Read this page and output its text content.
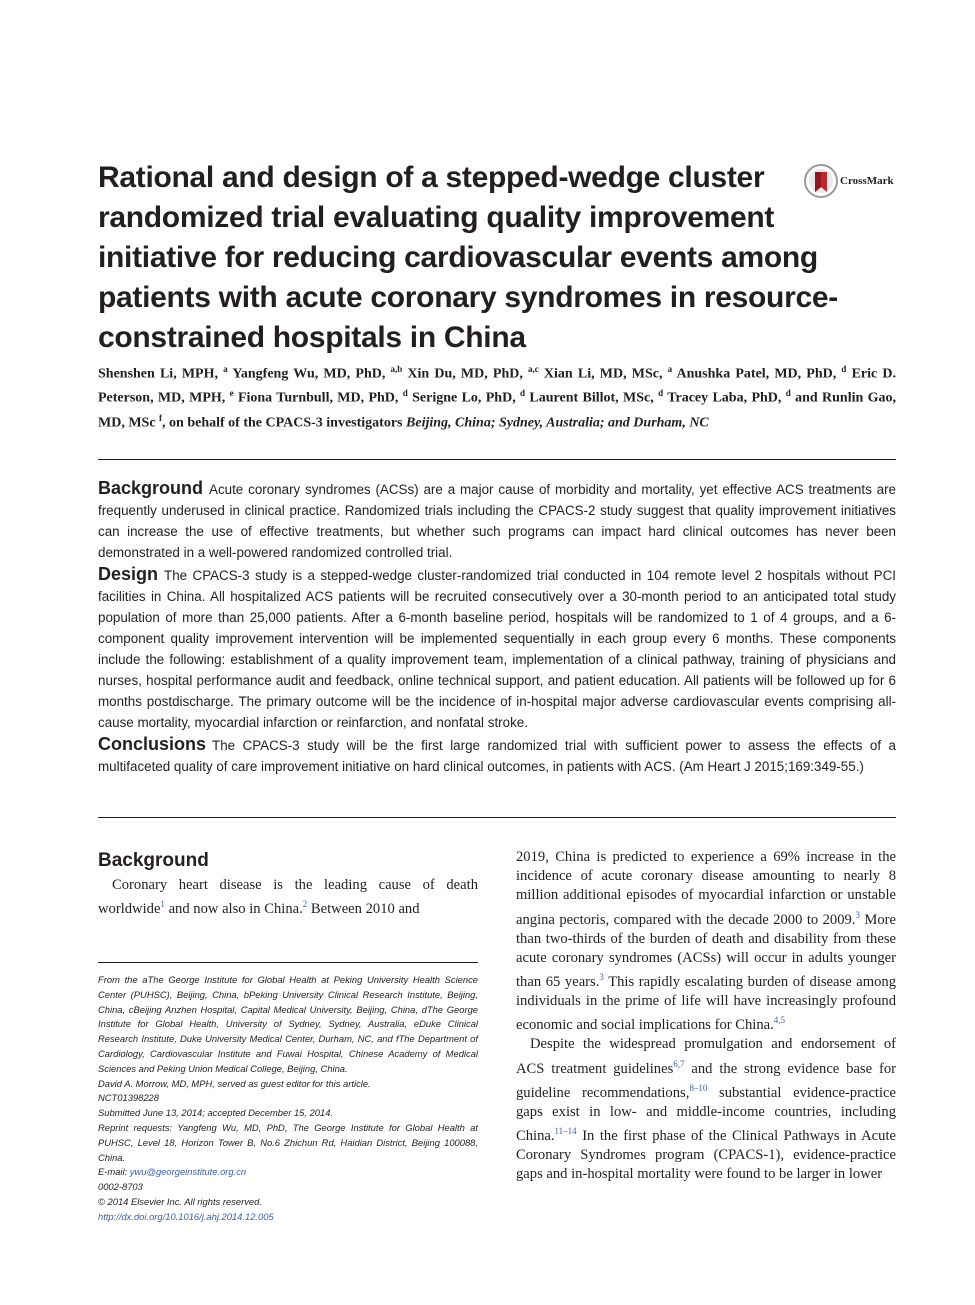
Rational and design of a stepped-wedge cluster randomized trial evaluating quality improvement initiative for reducing cardiovascular events among patients with acute coronary syndromes in resource-constrained hospitals in China
CrossMark
Shenshen Li, MPH, $^a$ Yangfeng Wu, MD, PhD, $^{a,b}$ Xin Du, MD, PhD, $^{a,c}$ Xian Li, MD, MSc, $^a$ Anushka Patel, MD, PhD, $^d$ Eric D. Peterson, MD, MPH, $^e$ Fiona Turnbull, MD, PhD, $^d$ Serigne Lo, PhD, $^d$ Laurent Billot, MSc, $^d$ Tracey Laba, PhD, $^d$ and Runlin Gao, MD, MSc $^f$, on behalf of the CPACS-3 investigators Beijing, China; Sydney, Australia; and Durham, NC

Background Acute coronary syndromes (ACSs) are a major cause of morbidity and mortality, yet effective ACS treatments are frequently underused in clinical practice. Randomized trials including the CPACS-2 study suggest that quality improvement initiatives can increase the use of effective treatments, but whether such programs can impact hard clinical outcomes has never been demonstrated in a well-powered randomized controlled trial.

Design The CPACS-3 study is a stepped-wedge cluster-randomized trial conducted in 104 remote level 2 hospitals without PCI facilities in China. All hospitalized ACS patients will be recruited consecutively over a 30-month period to an anticipated total study population of more than 25,000 patients. After a 6-month baseline period, hospitals will be randomized to 1 of 4 groups, and a 6-component quality improvement intervention will be implemented sequentially in each group every 6 months. These components include the following: establishment of a quality improvement team, implementation of a clinical pathway, training of physicians and nurses, hospital performance audit and feedback, online technical support, and patient education. All patients will be followed up for 6 months postdischarge. The primary outcome will be the incidence of in-hospital major adverse cardiovascular events comprising all-cause mortality, myocardial infarction or reinfarction, and nonfatal stroke.

Conclusions The CPACS-3 study will be the first large randomized trial with sufficient power to assess the effects of a multifaceted quality of care improvement initiative on hard clinical outcomes, in patients with ACS. (Am Heart J 2015;169:349-55.)

Background

Coronary heart disease is the leading cause of death worldwide$^1$ and now also in China.$^2$ Between 2010 and

From the aThe George Institute for Global Health at Peking University Health Science Center (PUHSC), Beijing, China, bPeking University Clinical Research Institute, Beijing, China, cBeijing Anzhen Hospital, Capital Medical University, Beijing, China, dThe George Institute for Global Health, University of Sydney, Sydney, Australia, eDuke Clinical Research Institute, Duke University Medical Center, Durham, NC, and fThe Department of Cardiology, Cardiovascular Institute and Fuwai Hospital, Chinese Academy of Medical Sciences and Peking Union Medical College, Beijing, China.

David A. Morrow, MD, MPH, served as guest editor for this article.

NCT01398228

Submitted June 13, 2014; accepted December 15, 2014.

Reprint requests: Yangfeng Wu, MD, PhD, The George Institute for Global Health at PUHSC, Level 18, Horizon Tower B, No.6 Zhichun Rd, Haidian District, Beijing 100088, China.

E-mail: ywu@georgeinstitute.org.cn

0002-8703

© 2014 Elsevier Inc. All rights reserved.

http://dx.doi.org/10.1016/j.ahj.2014.12.005

2019, China is predicted to experience a 69% increase in the incidence of acute coronary disease amounting to nearly 8 million additional episodes of myocardial infarction or unstable angina pectoris, compared with the decade 2000 to 2009.$^3$ More than two-thirds of the burden of death and disability from these acute coronary syndromes (ACSs) will occur in adults younger than 65 years.$^3$ This rapidly escalating burden of disease among individuals in the prime of life will have increasingly profound economic and social implications for China.$^{4,5}$

Despite the widespread promulgation and endorsement of ACS treatment guidelines$^{6,7}$ and the strong evidence base for guideline recommendations,$^{8-10}$ substantial evidence-practice gaps exist in low- and middle-income countries, including China.$^{11-14}$ In the first phase of the Clinical Pathways in Acute Coronary Syndromes program (CPACS-1), evidence-practice gaps and in-hospital mortality were found to be larger in lower
